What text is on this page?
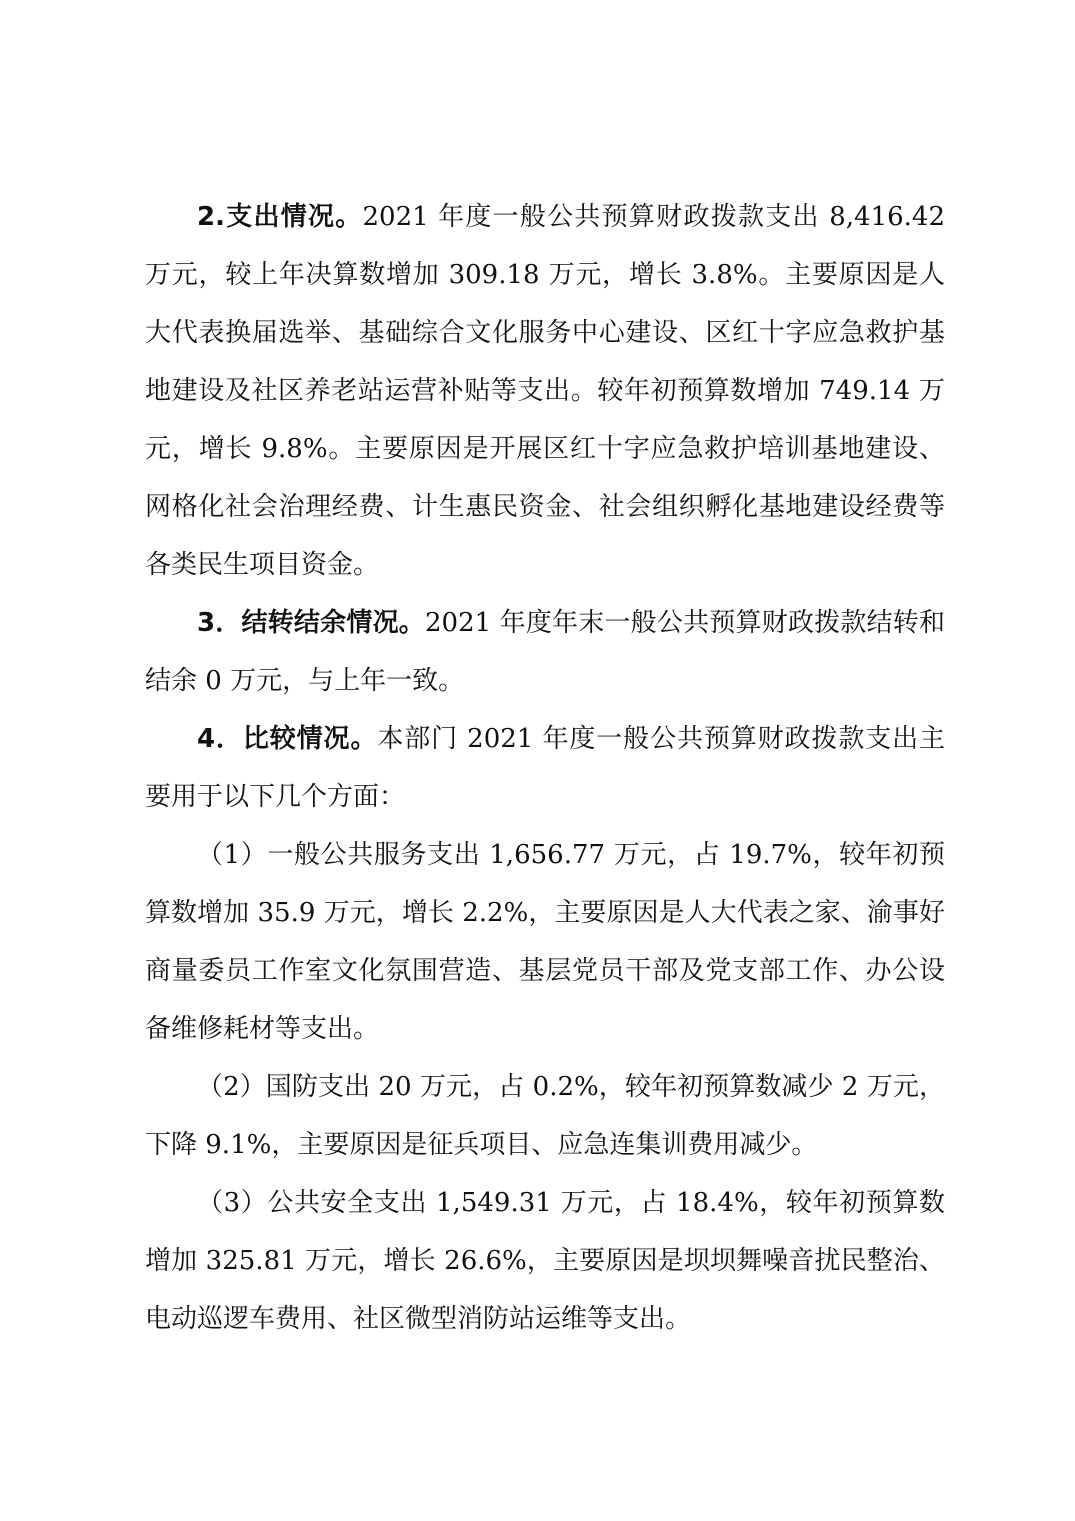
2.支出情况。2021 年度一般公共预算财政拨款支出 8,416.42 万元，较上年决算数增加 309.18 万元，增长 3.8%。主要原因是人大代表换届选举、基础综合文化服务中心建设、区红十字应急救护基地建设及社区养老站运营补贴等支出。较年初预算数增加 749.14 万元，增长 9.8%。主要原因是开展区红十字应急救护培训基地建设、网格化社会治理经费、计生惠民资金、社会组织孵化基地建设经费等各类民生项目资金。

3．结转结余情况。2021 年度年末一般公共预算财政拨款结转和结余 0 万元，与上年一致。

4．比较情况。本部门 2021 年度一般公共预算财政拨款支出主要用于以下几个方面：

（1）一般公共服务支出 1,656.77 万元，占 19.7%，较年初预算数增加 35.9 万元，增长 2.2%，主要原因是人大代表之家、渝事好商量委员工作室文化氛围营造、基层党员干部及党支部工作、办公设备维修耗材等支出。

（2）国防支出 20 万元，占 0.2%，较年初预算数减少 2 万元，下降 9.1%，主要原因是征兵项目、应急连集训费用减少。

（3）公共安全支出 1,549.31 万元，占 18.4%，较年初预算数增加 325.81 万元，增长 26.6%，主要原因是坝坝舞噪音扰民整治、电动巡逻车费用、社区微型消防站运维等支出。
